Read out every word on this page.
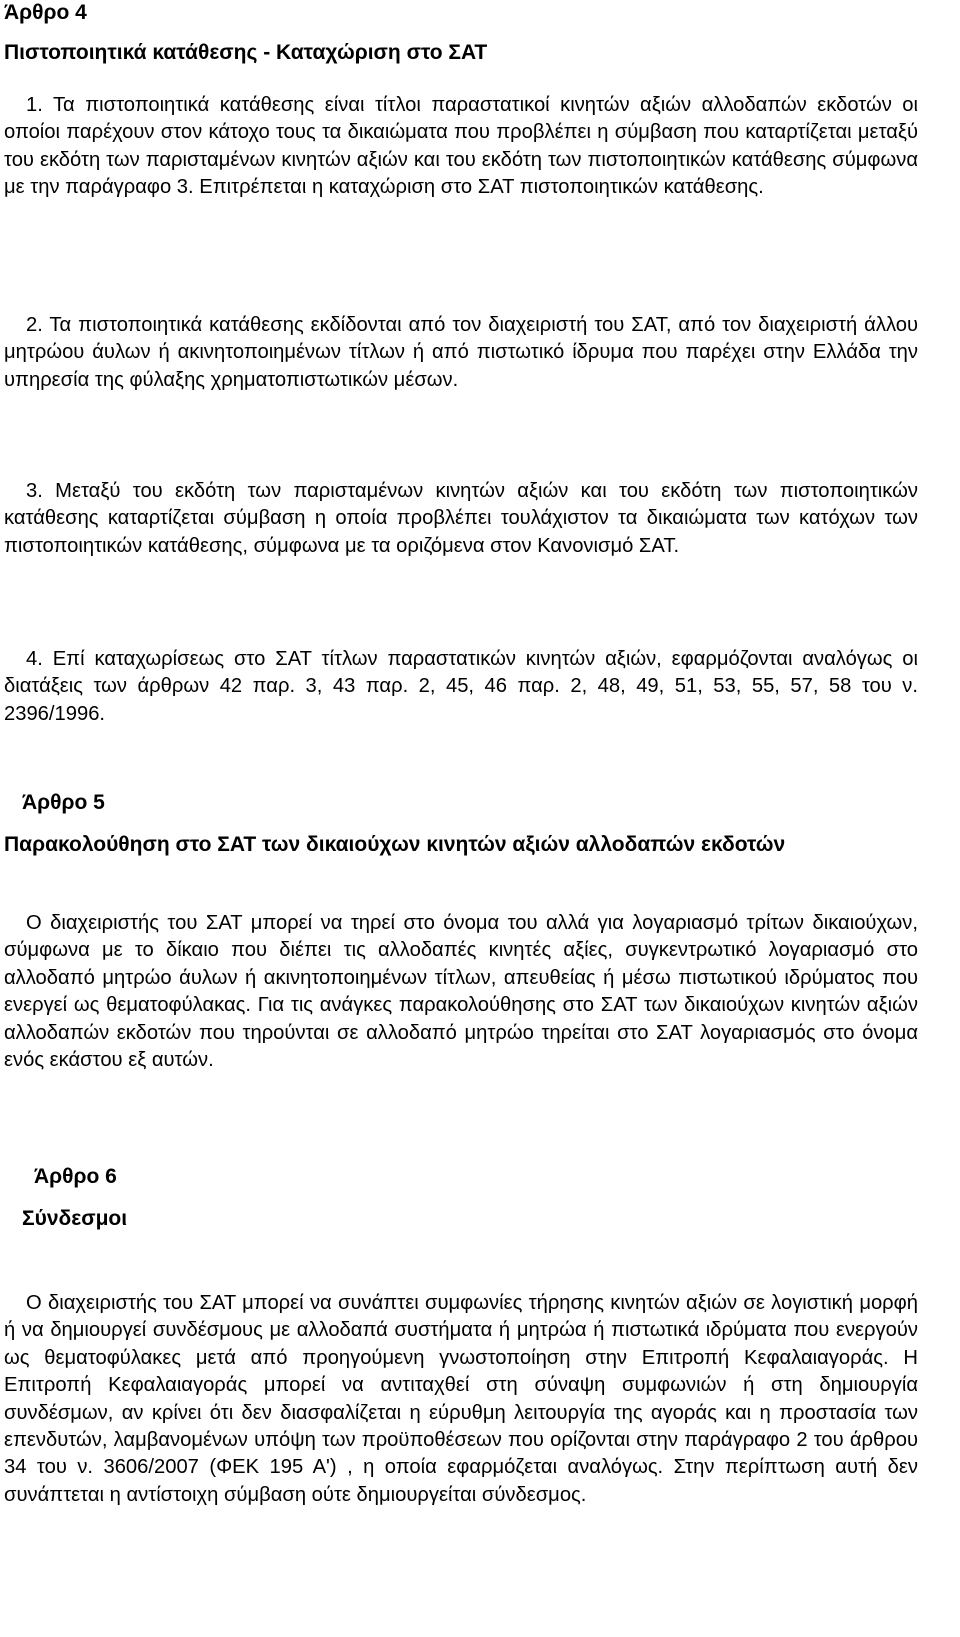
Άρθρο 4
Πιστοποιητικά κατάθεσης - Καταχώριση στο ΣΑΤ

1. Τα πιστοποιητικά κατάθεσης είναι τίτλοι παραστατικοί κινητών αξιών αλλοδαπών εκδοτών οι οποίοι παρέχουν στον κάτοχο τους τα δικαιώματα που προβλέπει η σύμβαση που καταρτίζεται μεταξύ του εκδότη των παρισταμένων κινητών αξιών και του εκδότη των πιστοποιητικών κατάθεσης σύμφωνα με την παράγραφο 3. Επιτρέπεται η καταχώριση στο ΣΑΤ πιστοποιητικών κατάθεσης.

2. Τα πιστοποιητικά κατάθεσης εκδίδονται από τον διαχειριστή του ΣΑΤ, από τον διαχειριστή άλλου μητρώου άυλων ή ακινητοποιημένων τίτλων ή από πιστωτικό ίδρυμα που παρέχει στην Ελλάδα την υπηρεσία της φύλαξης χρηματοπιστωτικών μέσων.

3. Μεταξύ του εκδότη των παρισταμένων κινητών αξιών και του εκδότη των πιστοποιητικών κατάθεσης καταρτίζεται σύμβαση η οποία προβλέπει τουλάχιστον τα δικαιώματα των κατόχων των πιστοποιητικών κατάθεσης, σύμφωνα με τα οριζόμενα στον Κανονισμό ΣΑΤ.

4. Επί καταχωρίσεως στο ΣΑΤ τίτλων παραστατικών κινητών αξιών, εφαρμόζονται αναλόγως οι διατάξεις των άρθρων 42 παρ. 3, 43 παρ. 2, 45, 46 παρ. 2, 48, 49, 51, 53, 55, 57, 58 του ν. 2396/1996.

Άρθρο 5
Παρακολούθηση στο ΣΑΤ των δικαιούχων κινητών αξιών αλλοδαπών εκδοτών

Ο διαχειριστής του ΣΑΤ μπορεί να τηρεί στο όνομα του αλλά για λογαριασμό τρίτων δικαιούχων, σύμφωνα με το δίκαιο που διέπει τις αλλοδαπές κινητές αξίες, συγκεντρωτικό λογαριασμό στο αλλοδαπό μητρώο άυλων ή ακινητοποιημένων τίτλων, απευθείας ή μέσω πιστωτικού ιδρύματος που ενεργεί ως θεματοφύλακας. Για τις ανάγκες παρακολούθησης στο ΣΑΤ των δικαιούχων κινητών αξιών αλλοδαπών εκδοτών που τηρούνται σε αλλοδαπό μητρώο τηρείται στο ΣΑΤ λογαριασμός στο όνομα ενός εκάστου εξ αυτών.

Άρθρο 6
Σύνδεσμοι

Ο διαχειριστής του ΣΑΤ μπορεί να συνάπτει συμφωνίες τήρησης κινητών αξιών σε λογιστική μορφή ή να δημιουργεί συνδέσμους με αλλοδαπά συστήματα ή μητρώα ή πιστωτικά ιδρύματα που ενεργούν ως θεματοφύλακες μετά από προηγούμενη γνωστοποίηση στην Επιτροπή Κεφαλαιαγοράς. Η Επιτροπή Κεφαλαιαγοράς μπορεί να αντιταχθεί στη σύναψη συμφωνιών ή στη δημιουργία συνδέσμων, αν κρίνει ότι δεν διασφαλίζεται η εύρυθμη λειτουργία της αγοράς και η προστασία των επενδυτών, λαμβανομένων υπόψη των προϋποθέσεων που ορίζονται στην παράγραφο 2 του άρθρου 34 του ν. 3606/2007 (ΦΕΚ 195 Α') , η οποία εφαρμόζεται αναλόγως. Στην περίπτωση αυτή δεν συνάπτεται η αντίστοιχη σύμβαση ούτε δημιουργείται σύνδεσμος.
